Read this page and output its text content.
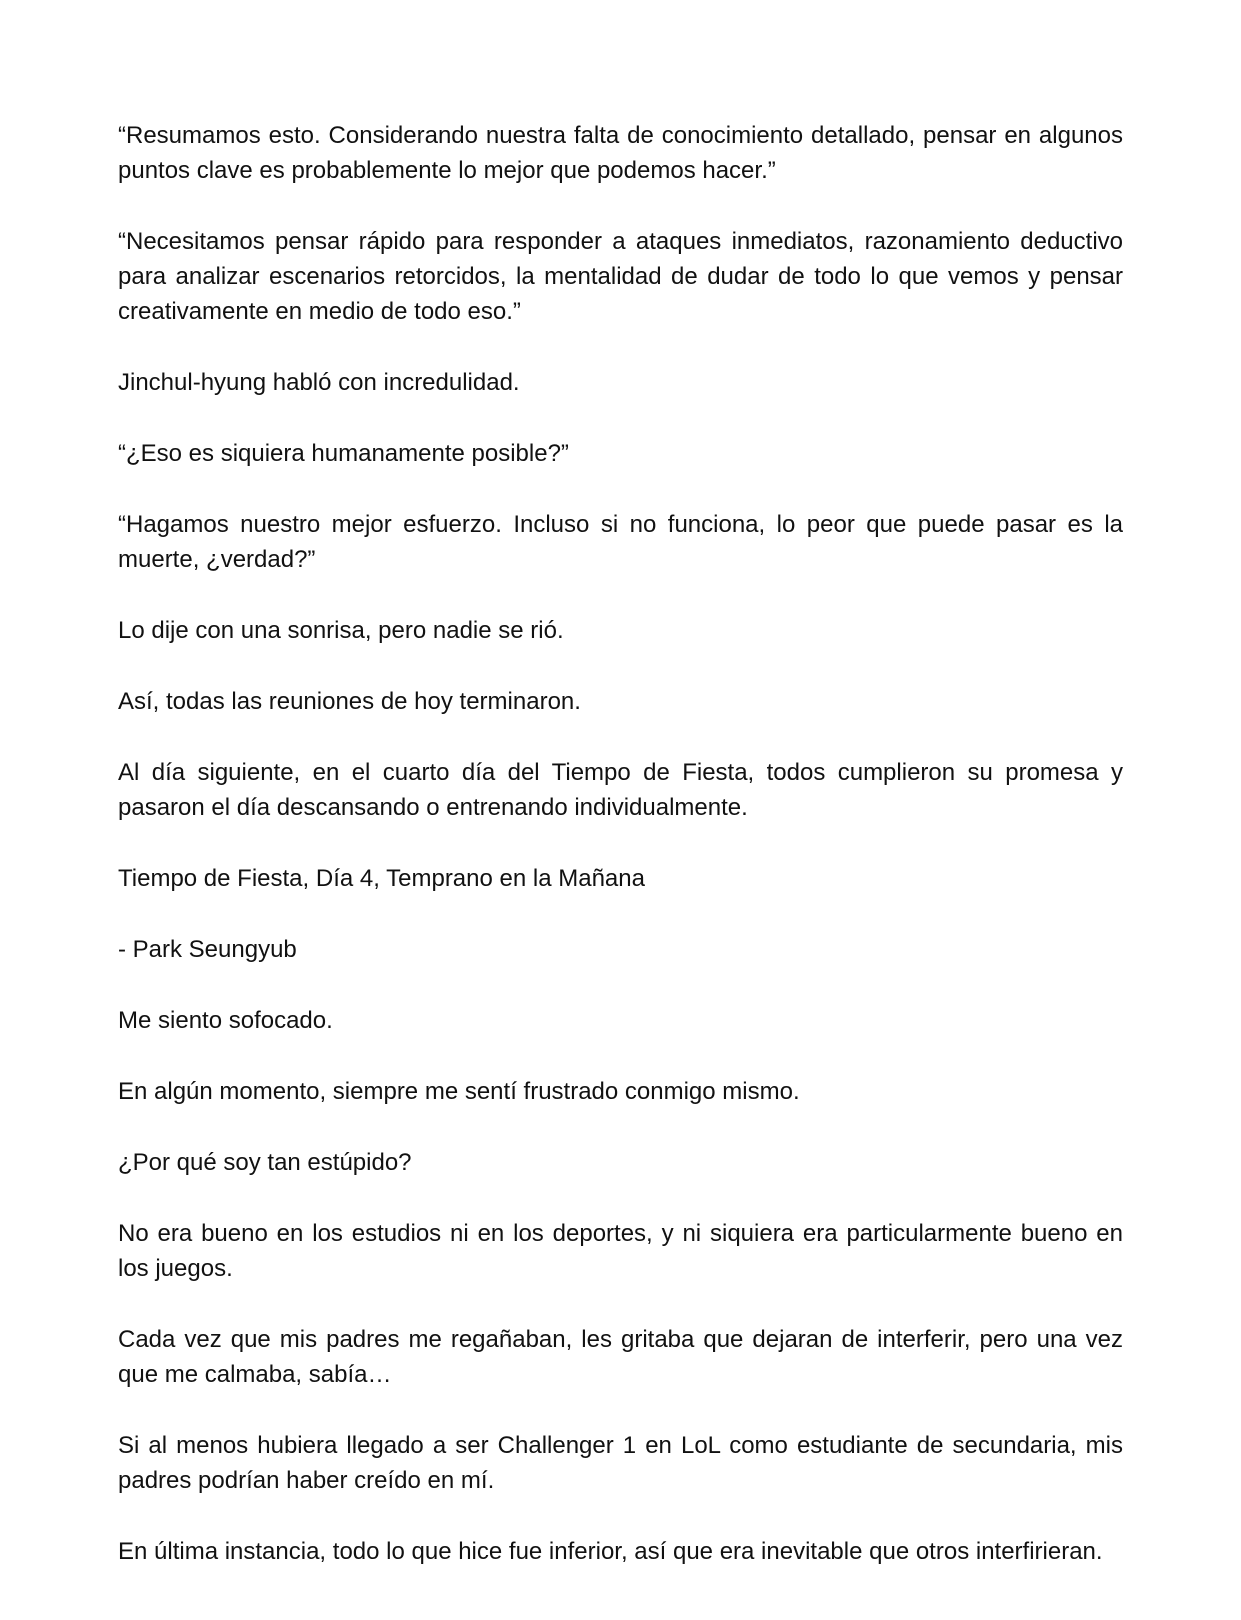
“Resumamos esto. Considerando nuestra falta de conocimiento detallado, pensar en algunos puntos clave es probablemente lo mejor que podemos hacer.”

“Necesitamos pensar rápido para responder a ataques inmediatos, razonamiento deductivo para analizar escenarios retorcidos, la mentalidad de dudar de todo lo que vemos y pensar creativamente en medio de todo eso.”

Jinchul-hyung habló con incredulidad.

“¿Eso es siquiera humanamente posible?”

“Hagamos nuestro mejor esfuerzo. Incluso si no funciona, lo peor que puede pasar es la muerte, ¿verdad?”

Lo dije con una sonrisa, pero nadie se rió.

Así, todas las reuniones de hoy terminaron.

Al día siguiente, en el cuarto día del Tiempo de Fiesta, todos cumplieron su promesa y pasaron el día descansando o entrenando individualmente.

Tiempo de Fiesta, Día 4, Temprano en la Mañana

- Park Seungyub

Me siento sofocado.

En algún momento, siempre me sentí frustrado conmigo mismo.

¿Por qué soy tan estúpido?

No era bueno en los estudios ni en los deportes, y ni siquiera era particularmente bueno en los juegos.

Cada vez que mis padres me regañaban, les gritaba que dejaran de interferir, pero una vez que me calmaba, sabía…

Si al menos hubiera llegado a ser Challenger 1 en LoL como estudiante de secundaria, mis padres podrían haber creído en mí.

En última instancia, todo lo que hice fue inferior, así que era inevitable que otros interfirieran.
